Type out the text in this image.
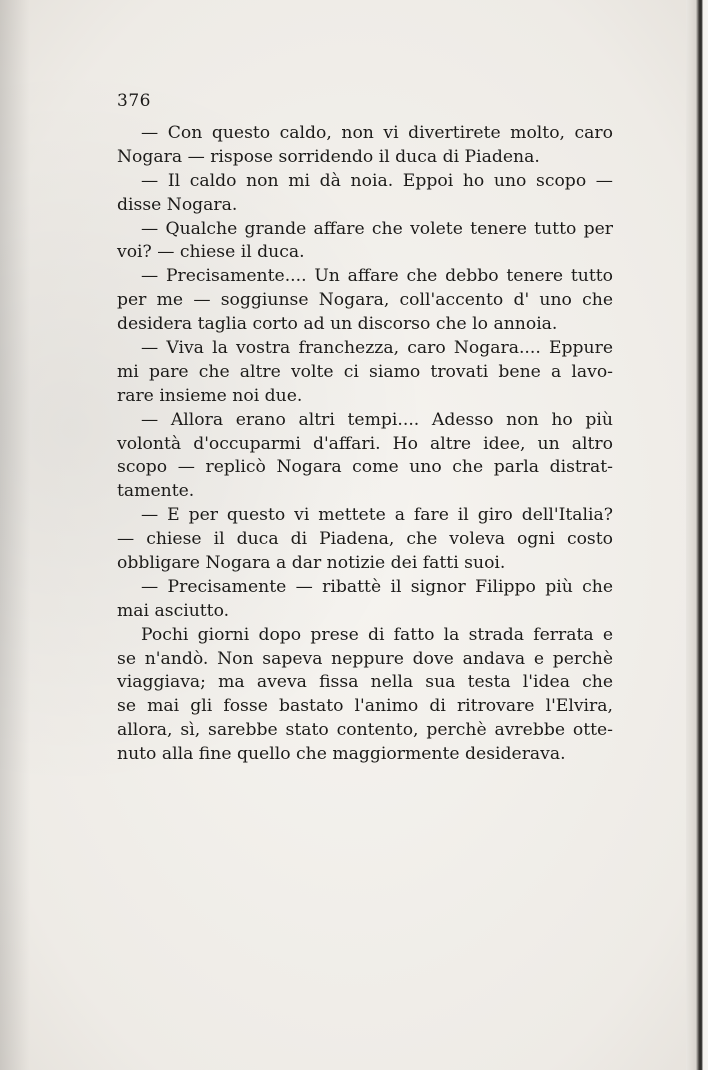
376
— Con questo caldo, non vi divertirete molto, caro
Nogara — rispose sorridendo il duca di Piadena.
— Il caldo non mi dà noia. Eppoi ho uno scopo —
disse Nogara.
— Qualche grande affare che volete tenere tutto per
voi? — chiese il duca.
— Precisamente.... Un affare che debbo tenere tutto
per me — soggiunse Nogara, coll'accento d' uno che
desidera taglia corto ad un discorso che lo annoia.
— Viva la vostra franchezza, caro Nogara.... Eppure
mi pare che altre volte ci siamo trovati bene a lavo-
rare insieme noi due.
— Allora erano altri tempi.... Adesso non ho più
volontà d'occuparmi d'affari. Ho altre idee, un altro
scopo — replicò Nogara come uno che parla distrat-
tamente.
— E per questo vi mettete a fare il giro dell'Italia?
— chiese il duca di Piadena, che voleva ogni costo
obbligare Nogara a dar notizie dei fatti suoi.
— Precisamente — ribattè il signor Filippo più che
mai asciutto.
Pochi giorni dopo prese di fatto la strada ferrata e
se n'andò. Non sapeva neppure dove andava e perchè
viaggiava; ma aveva fissa nella sua testa l'idea che
se mai gli fosse bastato l'animo di ritrovare l'Elvira,
allora, sì, sarebbe stato contento, perchè avrebbe otte-
nuto alla fine quello che maggiormente desiderava.
